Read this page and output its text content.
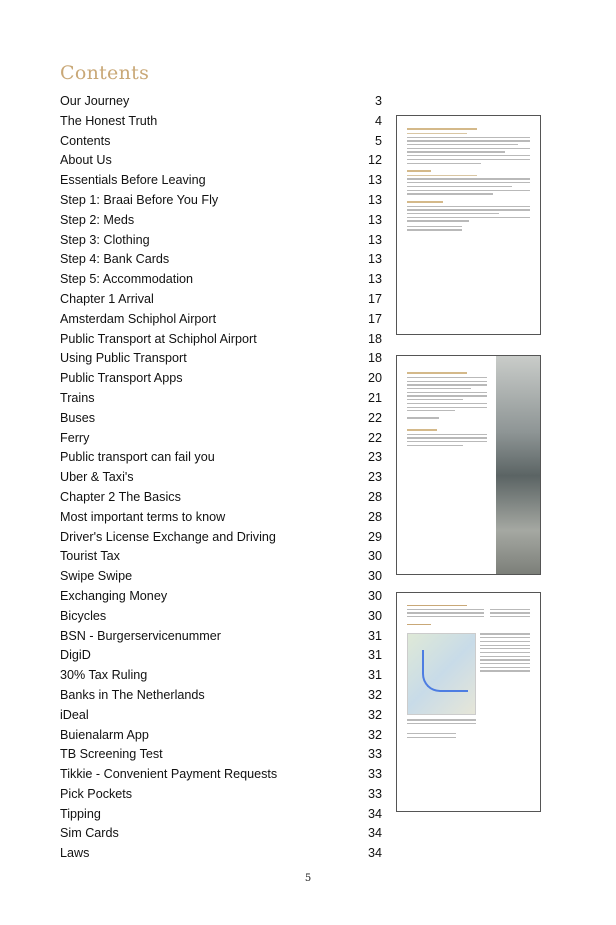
Contents
Our Journey	3
The Honest Truth	4
Contents	5
About Us	12
Essentials Before Leaving	13
Step 1: Braai Before You Fly	13
Step 2: Meds	13
Step 3: Clothing	13
Step 4: Bank Cards	13
Step 5: Accommodation	13
Chapter 1 Arrival	17
Amsterdam Schiphol Airport	17
Public Transport at Schiphol Airport	18
Using Public Transport	18
Public Transport Apps	20
Trains	21
Buses	22
Ferry	22
Public transport can fail you	23
Uber & Taxi's	23
Chapter 2 The Basics	28
Most important terms to know	28
Driver's License Exchange and Driving	29
Tourist Tax	30
Swipe Swipe	30
Exchanging Money	30
Bicycles	30
BSN - Burgerservicenummer	31
DigiD	31
30% Tax Ruling	31
Banks in The Netherlands	32
iDeal	32
Buienalarm App	32
TB Screening Test	33
Tikkie - Convenient Payment Requests	33
Pick Pockets	33
Tipping	34
Sim Cards	34
Laws	34
5
